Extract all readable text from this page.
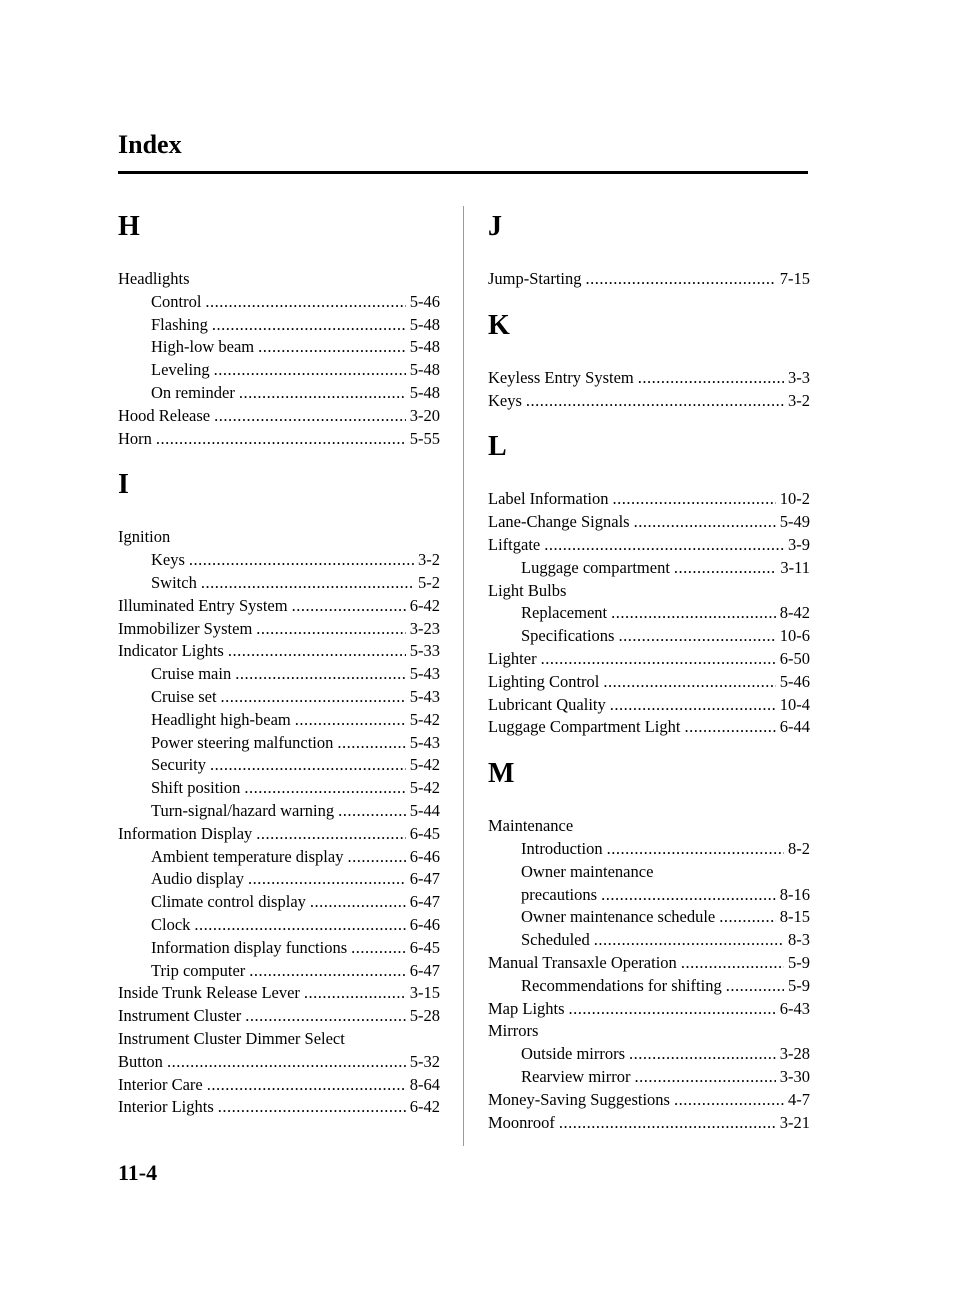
Index
H
Headlights
Control .....	5-46
Flashing .....	5-48
High-low beam .....	5-48
Leveling .....	5-48
On reminder .....	5-48
Hood Release .....	3-20
Horn .....	5-55
I
Ignition
Keys .....	3-2
Switch .....	5-2
Illuminated Entry System .....	6-42
Immobilizer System .....	3-23
Indicator Lights .....	5-33
Cruise main .....	5-43
Cruise set .....	5-43
Headlight high-beam .....	5-42
Power steering malfunction .....	5-43
Security .....	5-42
Shift position .....	5-42
Turn-signal/hazard warning .....	5-44
Information Display .....	6-45
Ambient temperature display .....	6-46
Audio display .....	6-47
Climate control display .....	6-47
Clock .....	6-46
Information display functions .....	6-45
Trip computer .....	6-47
Inside Trunk Release Lever .....	3-15
Instrument Cluster .....	5-28
Instrument Cluster Dimmer Select
Button .....	5-32
Interior Care .....	8-64
Interior Lights .....	6-42
J
Jump-Starting .....	7-15
K
Keyless Entry System .....	3-3
Keys .....	3-2
L
Label Information .....	10-2
Lane-Change Signals .....	5-49
Liftgate .....	3-9
Luggage compartment .....	3-11
Light Bulbs
Replacement .....	8-42
Specifications .....	10-6
Lighter .....	6-50
Lighting Control .....	5-46
Lubricant Quality .....	10-4
Luggage Compartment Light .....	6-44
M
Maintenance
Introduction .....	8-2
Owner maintenance
precautions .....	8-16
Owner maintenance schedule .....	8-15
Scheduled .....	8-3
Manual Transaxle Operation .....	5-9
Recommendations for shifting .....	5-9
Map Lights .....	6-43
Mirrors
Outside mirrors .....	3-28
Rearview mirror .....	3-30
Money-Saving Suggestions .....	4-7
Moonroof .....	3-21
11-4
